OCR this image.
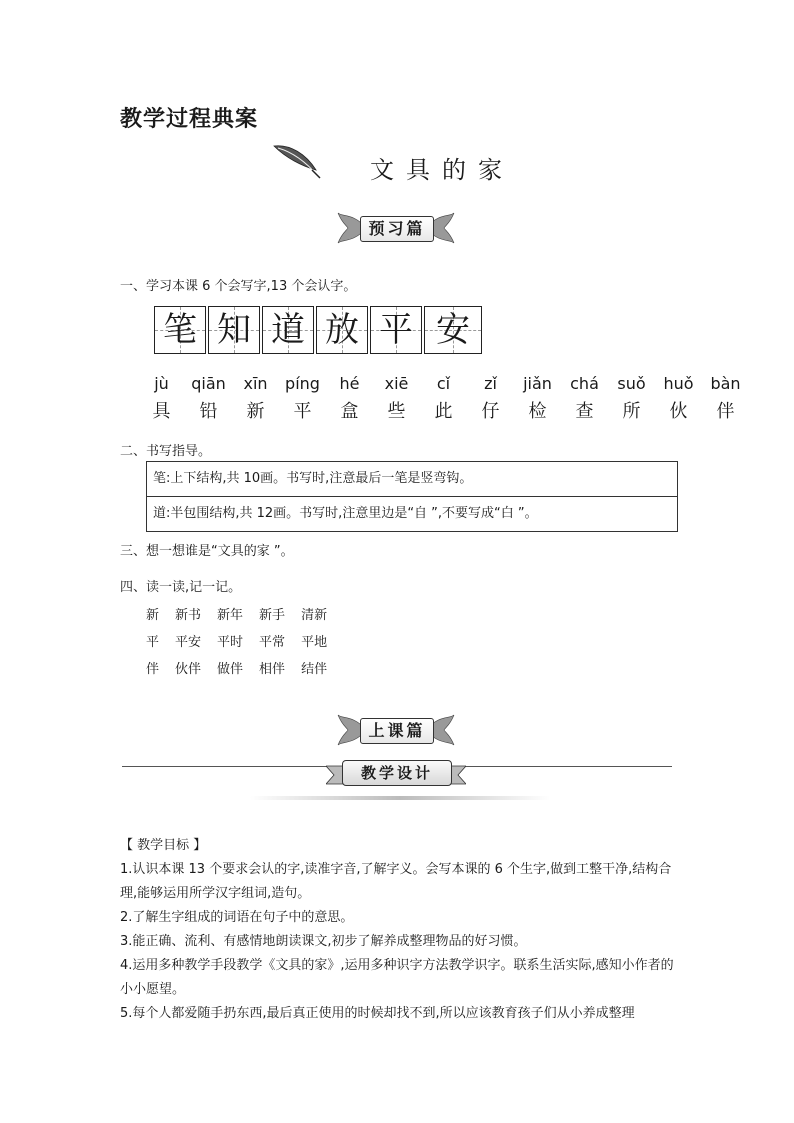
教学过程典案
文具的家
预习篇
一、学习本课 6 个会写字,13 个会认字。
笔 知 道 放 平 安
jù
具
qiān
铅
xīn
新
píng
平
hé
盒
xiē
些
cǐ
此
zǐ
仔
jiǎn
检
chá
查
suǒ
所
huǒ
伙
bàn
伴
二、书写指导。
笔:上下结构,共 10画。书写时,注意最后一笔是竖弯钩。
道:半包围结构,共 12画。书写时,注意里边是“自 ”,不要写成“白 ”。
三、想一想谁是“文具的家 ”。
四、读一读,记一记。
新 新书 新年 新手 清新
平 平安 平时 平常 平地
伴 伙伴 做伴 相伴 结伴
上课篇
教学设计

【 教学目标 】

1.认识本课 13 个要求会认的字,读准字音,了解字义。会写本课的 6 个生字,做到工整干净,结构合理,能够运用所学汉字组词,造句。

2.了解生字组成的词语在句子中的意思。

3.能正确、流利、有感情地朗读课文,初步了解养成整理物品的好习惯。

4.运用多种教学手段教学《文具的家》,运用多种识字方法教学识字。联系生活实际,感知小作者的小小愿望。

5.每个人都爱随手扔东西,最后真正使用的时候却找不到,所以应该教育孩子们从小养成整理
